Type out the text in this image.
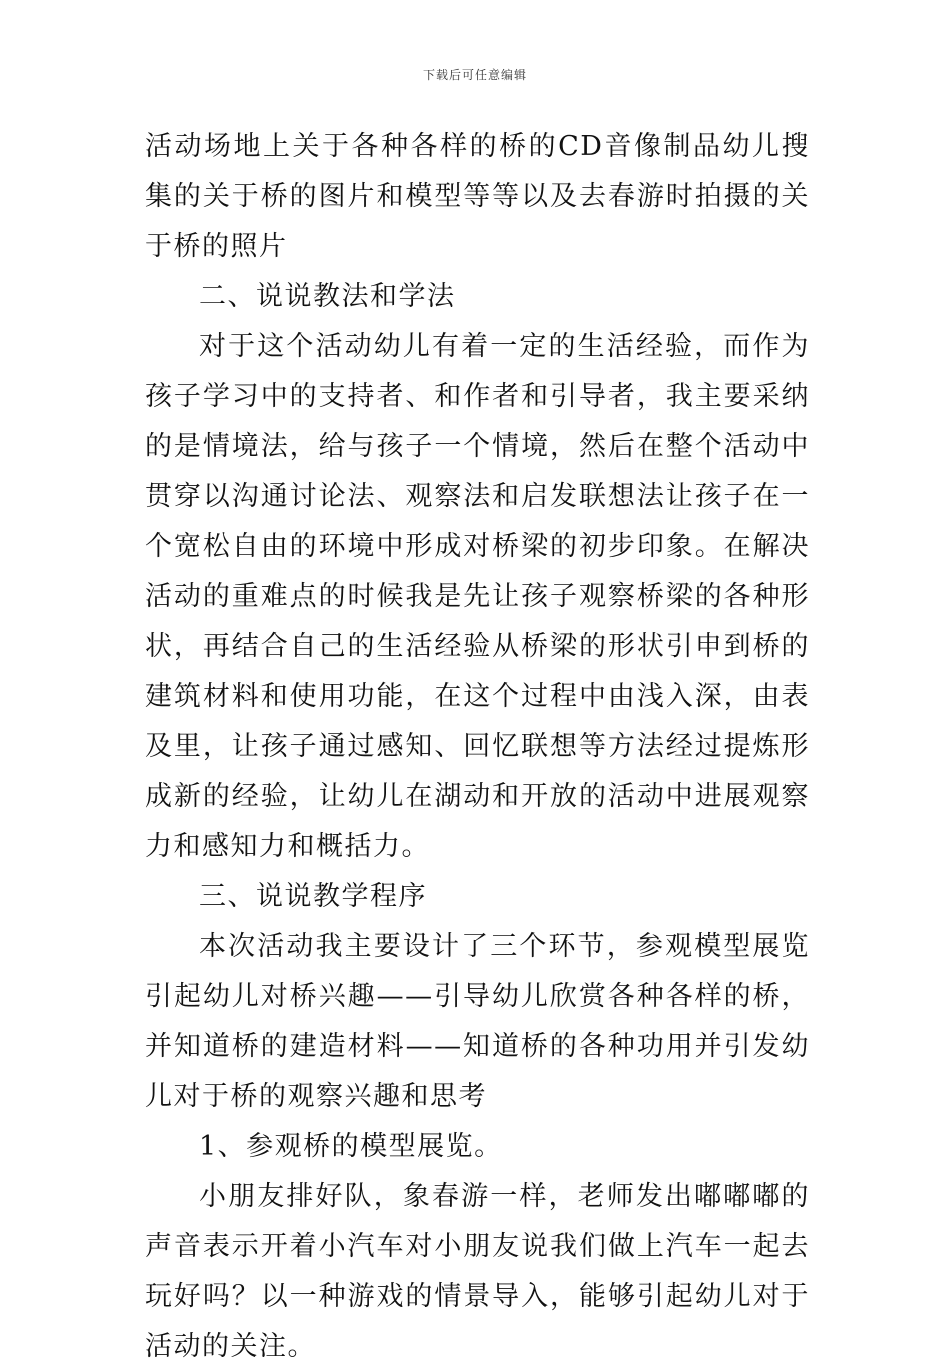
下载后可任意编辑

活动场地上关于各种各样的桥的CD音像制品幼儿搜集的关于桥的图片和模型等等以及去春游时拍摄的关于桥的照片

二、说说教法和学法

对于这个活动幼儿有着一定的生活经验，而作为孩子学习中的支持者、和作者和引导者，我主要采纳的是情境法，给与孩子一个情境，然后在整个活动中贯穿以沟通讨论法、观察法和启发联想法让孩子在一个宽松自由的环境中形成对桥梁的初步印象。在解决活动的重难点的时候我是先让孩子观察桥梁的各种形状，再结合自己的生活经验从桥梁的形状引申到桥的建筑材料和使用功能，在这个过程中由浅入深，由表及里，让孩子通过感知、回忆联想等方法经过提炼形成新的经验，让幼儿在湖动和开放的活动中进展观察力和感知力和概括力。

三、说说教学程序

本次活动我主要设计了三个环节，参观模型展览引起幼儿对桥兴趣——引导幼儿欣赏各种各样的桥，并知道桥的建造材料——知道桥的各种功用并引发幼儿对于桥的观察兴趣和思考

1、参观桥的模型展览。

小朋友排好队，象春游一样，老师发出嘟嘟嘟的声音表示开着小汽车对小朋友说我们做上汽车一起去玩好吗？以一种游戏的情景导入，能够引起幼儿对于活动的关注。
